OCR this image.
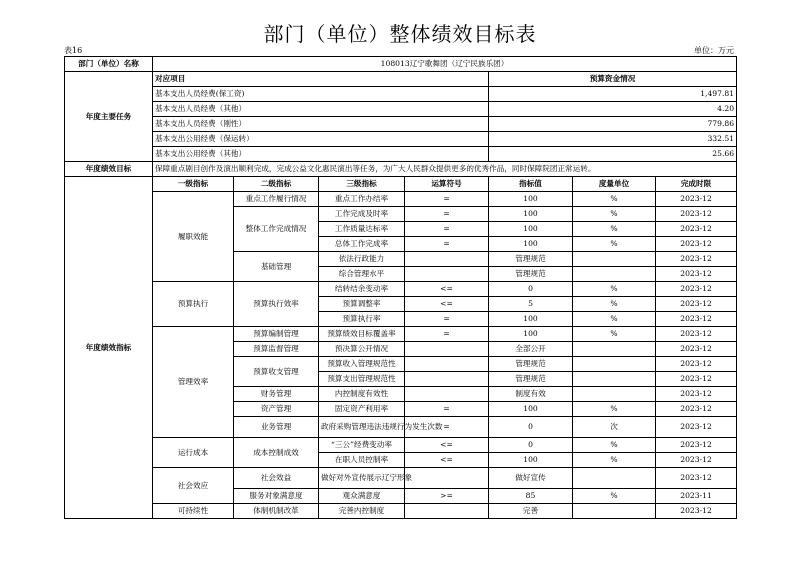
部门（单位）整体绩效目标表
表16	单位：万元
部门（单位）名称	108013辽宁歌舞团（辽宁民族乐团）						
年度主要任务	对应项目				预算资金情况		
	基本支出人员经费(保工资)				1,497.81		
	基本支出人员经费（其他）				4.20		
	基本支出人员经费（刚性）				779.86		
	基本支出公用经费（保运转）				332.51		
	基本支出公用经费（其他）				25.66		
年度绩效目标	保障重点剧目创作及演出顺利完成，完成公益文化惠民演出等任务，为广大人民群众提供更多的优秀作品，同时保障院团正常运转。						
年度绩效指标	一级指标	二级指标	三级指标	运算符号	指标值	度量单位	完成时限
	履职效能	重点工作履行情况	重点工作办结率	=	100	%	2023-12
		整体工作完成情况	工作完成及时率	=	100	%	2023-12
			工作质量达标率	=	100	%	2023-12
			总体工作完成率	=	100	%	2023-12
		基础管理	依法行政能力		管理规范		2023-12
			综合管理水平		管理规范		2023-12
	预算执行	预算执行效率	结转结余变动率	<=	0	%	2023-12
			预算调整率	<=	5	%	2023-12
			预算执行率	=	100	%	2023-12
	管理效率	预算编制管理	预算绩效目标覆盖率	=	100	%	2023-12
		预算监督管理	预决算公开情况		全部公开		2023-12
		预算收支管理	预算收入管理规范性		管理规范		2023-12
			预算支出管理规范性		管理规范		2023-12
		财务管理	内控制度有效性		制度有效		2023-12
		资产管理	固定资产利用率	=	100	%	2023-12
		业务管理	政府采购管理违法违规行为发生次数	=	0	次	2023-12
	运行成本	成本控制成效	“三公”经费变动率	<=	0	%	2023-12
			在职人员控制率	<=	100	%	2023-12
	社会效应	社会效益	做好对外宣传展示辽宁形象		做好宣传		2023-12
		服务对象满意度	观众满意度	>=	85	%	2023-11
	可持续性	体制机制改革	完善内控制度		完善		2023-12
